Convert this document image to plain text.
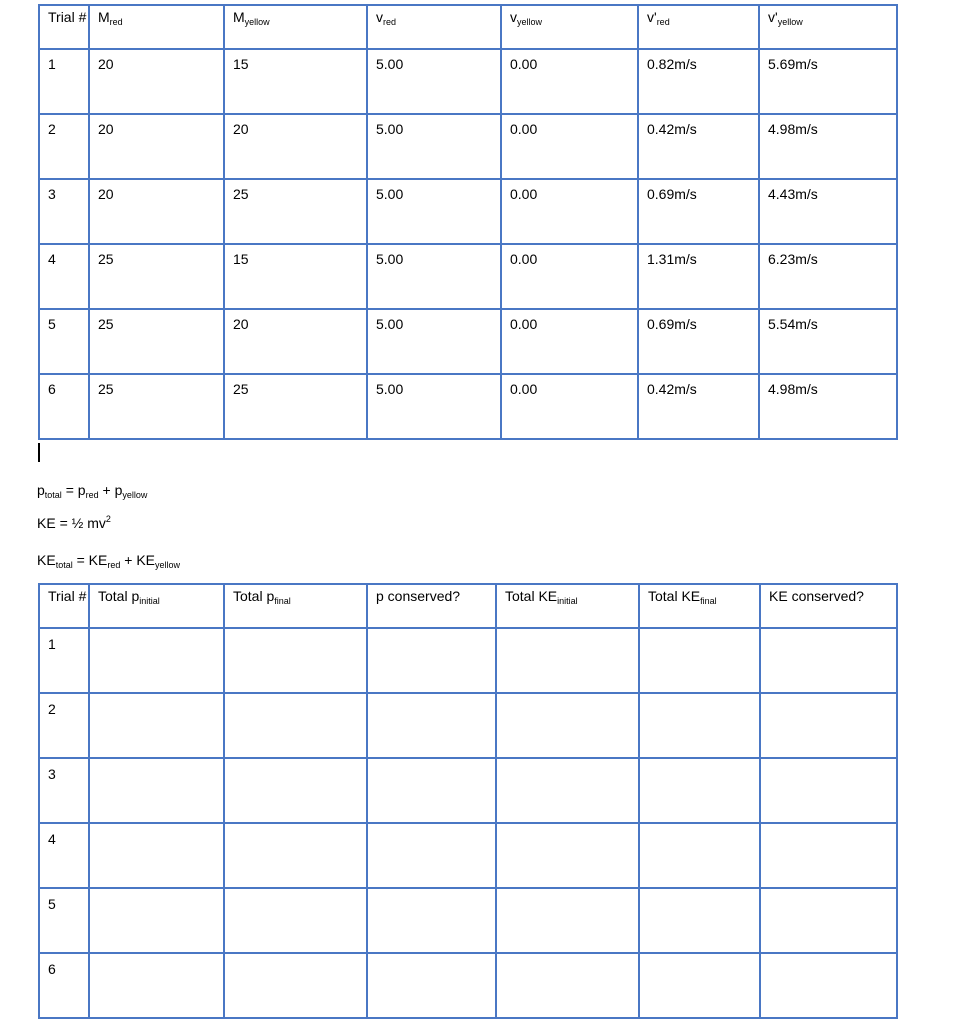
Trial #	$M_{red}$	$M_{yellow}$	$v_{red}$	$v_{yellow}$	$v'_{red}$	$v'_{yellow}$
1	20	15	5.00	0.00	0.82m/s	5.69m/s
2	20	20	5.00	0.00	0.42m/s	4.98m/s
3	20	25	5.00	0.00	0.69m/s	4.43m/s
4	25	15	5.00	0.00	1.31m/s	6.23m/s
5	25	20	5.00	0.00	0.69m/s	5.54m/s
6	25	25	5.00	0.00	0.42m/s	4.98m/s
$p_{total} = p_{red} + p_{yellow}$
KE = ½ $mv^2$
$KE_{total} = KE_{red} + KE_{yellow}$
Trial #	Total $p_{initial}$	Total $p_{final}$	p conserved?	Total $KE_{initial}$	Total $KE_{final}$	KE conserved?
1						
2						
3						
4						
5						
6						
